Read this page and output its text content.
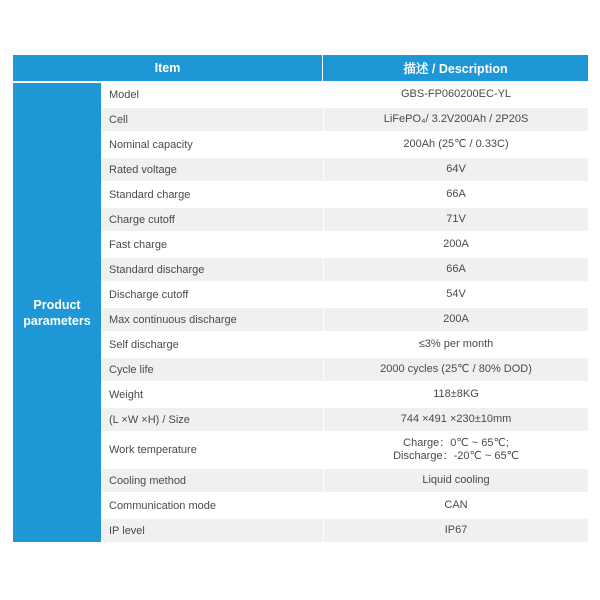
Item		描述 / Description

Product
parameters	Model	GBS-FP060200EC-YL
	Cell	LiFePO₄/ 3.2V200Ah / 2P20S
	Nominal capacity	200Ah (25℃ / 0.33C)
	Rated voltage	64V
	Standard charge	66A
	Charge cutoff	71V
	Fast charge	200A
	Standard discharge	66A
	Discharge cutoff	54V
	Max continuous discharge	200A
	Self discharge	≤3% per month
	Cycle life	2000 cycles (25℃ / 80% DOD)
	Weight	118±8KG
	(L ×W ×H) / Size	744 ×491 ×230±10mm
	Work temperature	Charge：0℃ ~ 65℃;
Discharge：-20℃ ~ 65℃

	Cooling method	Liquid cooling
	Communication mode	CAN
	IP level	IP67
